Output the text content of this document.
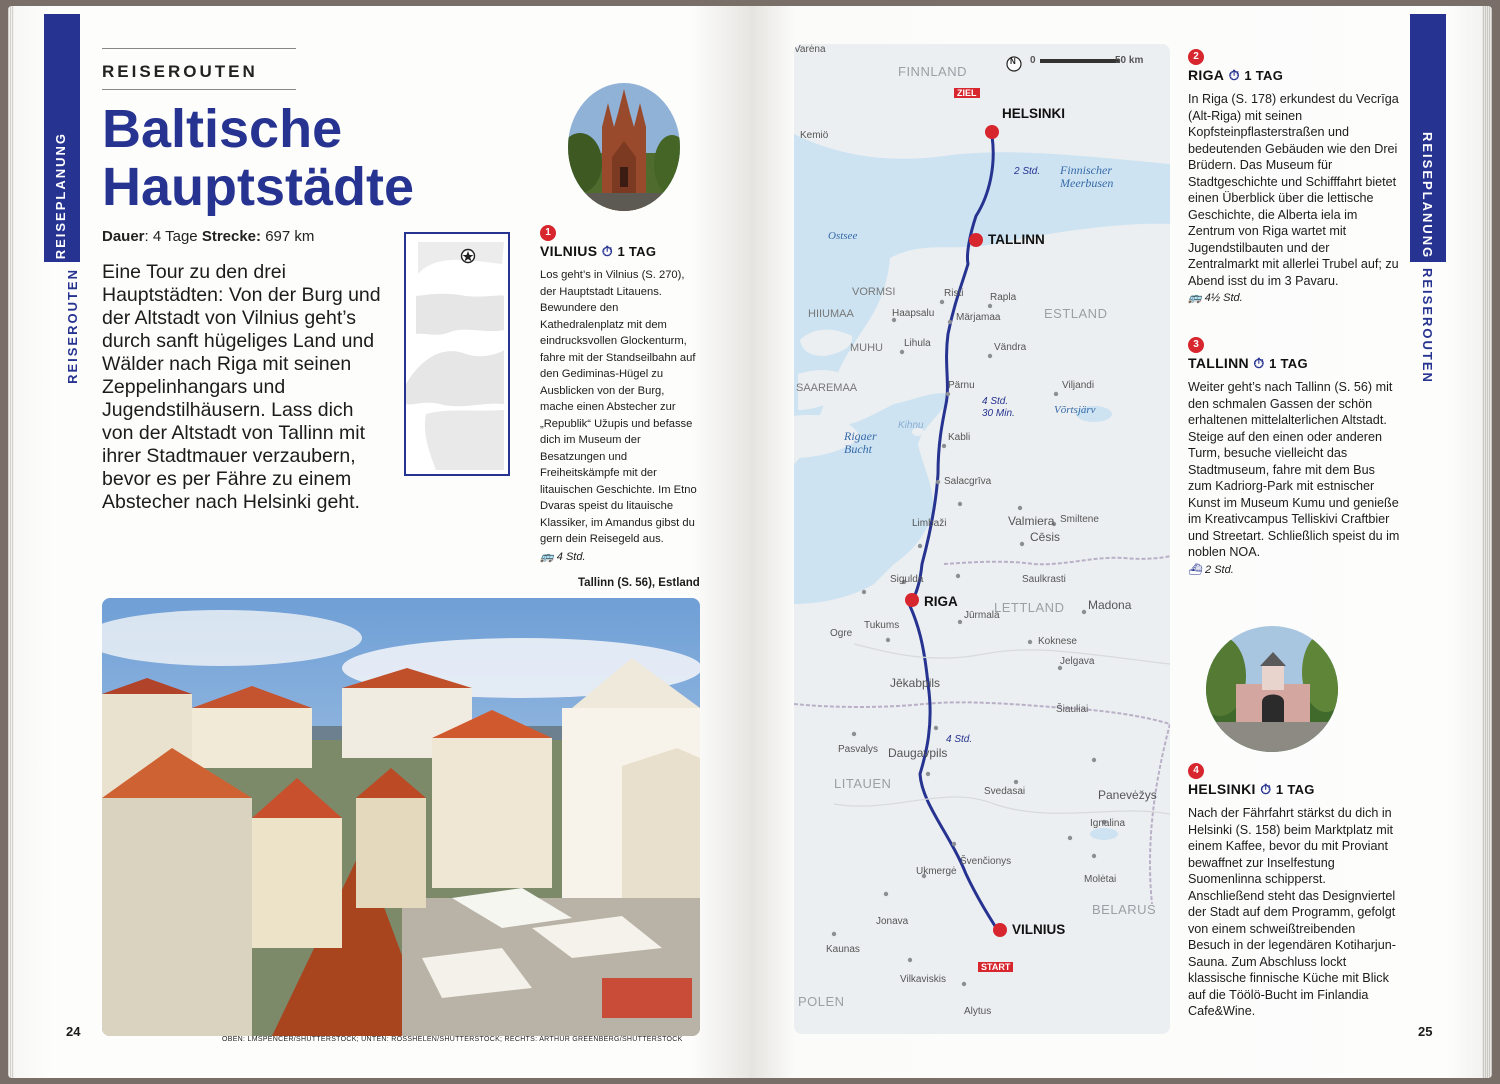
REISEPLANUNG
REISEROUTEN
REISEROUTEN
Baltische
Hauptstädte
Dauer: 4 Tage Strecke: 697 km
Eine Tour zu den drei Hauptstädten: Von der Burg und der Altstadt von Vilnius geht’s durch sanft hügeliges Land und Wälder nach Riga mit seinen Zeppelinhangars und Jugendstilhäusern. Lass dich von der Altstadt von Tallinn mit ihrer Stadtmauer verzaubern, bevor es per Fähre zu einem Abstecher nach Helsinki geht.
1
VILNIUS ⏱ 1 TAG
Los geht’s in Vilnius (S. 270), der Hauptstadt Litauens. Bewundere den Kathedralenplatz mit dem eindrucksvollen Glockenturm, fahre mit der Standseilbahn auf den Gediminas-Hügel zu Ausblicken von der Burg, mache einen Abstecher zur „Republik“ Užupis und befasse dich im Museum der Besatzungen und Freiheitskämpfe mit der litauischen Geschichte. Im Etno Dvaras speist du litauische Klassiker, im Amandus gibst du gern dein Reisegeld aus.
🚌 4 Std.
Tallinn (S. 56), Estland
24
OBEN: LMSPENCER/SHUTTERSTOCK; UNTEN: ROSSHELEN/SHUTTERSTOCK; RECHTS: ARTHUR GREENBERG/SHUTTERSTOCK
REISEPLANUNG
REISEROUTEN
0	50 km
N
FINNLAND
ESTLAND
LETTLAND
LITAUEN
BELARUS
POLEN
Finnischer Meerbusen
Ostsee
Rigaer Bucht
Võrtsjärv
ZIEL
START
HELSINKI
TALLINN
RIGA
VILNIUS
HIIUMAA
VORMSI
MUHU
SAAREMAA
Kihnu
2 Std.
4 Std. 30 Min.
4 Std.
Kemiö
Risti	Rapla
Haapsalu Märjamaa
Lihula	Vändra
Pärnu	Viljandi
Kabli
Salacgrīva
Limbaži	Valmiera Smiltene
Cēsis
Saulkrasti
Sigulda
Jūrmala
Tukums
Ogre
Madona
Koknese
Jelgava
Jēkabpils
Šiauliai
Pasvalys Daugavpils
Panevėžys
Svedasai
Ignalina
Molėtai
Švenčionys
Ukmergė
Jonava
Kaunas
Vilkaviskis
Alytus
Varėna
2
RIGA ⏱ 1 TAG
In Riga (S. 178) erkundest du Vecrīga (Alt-Riga) mit seinen Kopfsteinpflasterstraßen und bedeutenden Gebäuden wie den Drei Brüdern. Das Museum für Stadtgeschichte und Schifffahrt bietet einen Überblick über die lettische Geschichte, die Alberta iela im Zentrum von Riga wartet mit Jugendstilbauten und der Zentralmarkt mit allerlei Trubel auf; zu Abend isst du im 3 Pavaru.
🚌 4½ Std.
3
TALLINN ⏱ 1 TAG
Weiter geht’s nach Tallinn (S. 56) mit den schmalen Gassen der schön erhaltenen mittelalterlichen Altstadt. Steige auf den einen oder anderen Turm, besuche vielleicht das Stadtmuseum, fahre mit dem Bus zum Kadriorg-Park mit estnischer Kunst im Museum Kumu und genieße im Kreativcampus Telliskivi Craftbier und Streetart. Schließlich speist du im noblen NOA.
⛴ 2 Std.
4
HELSINKI ⏱ 1 TAG
Nach der Fährfahrt stärkst du dich in Helsinki (S. 158) beim Marktplatz mit einem Kaffee, bevor du mit Proviant bewaffnet zur Inselfestung Suomenlinna schipperst. Anschließend steht das Designviertel der Stadt auf dem Programm, gefolgt von einem schweißtreibenden Besuch in der legendären Kotiharjun-Sauna. Zum Abschluss lockt klassische finnische Küche mit Blick auf die Töölö-Bucht im Finlandia Cafe&Wine.
25
